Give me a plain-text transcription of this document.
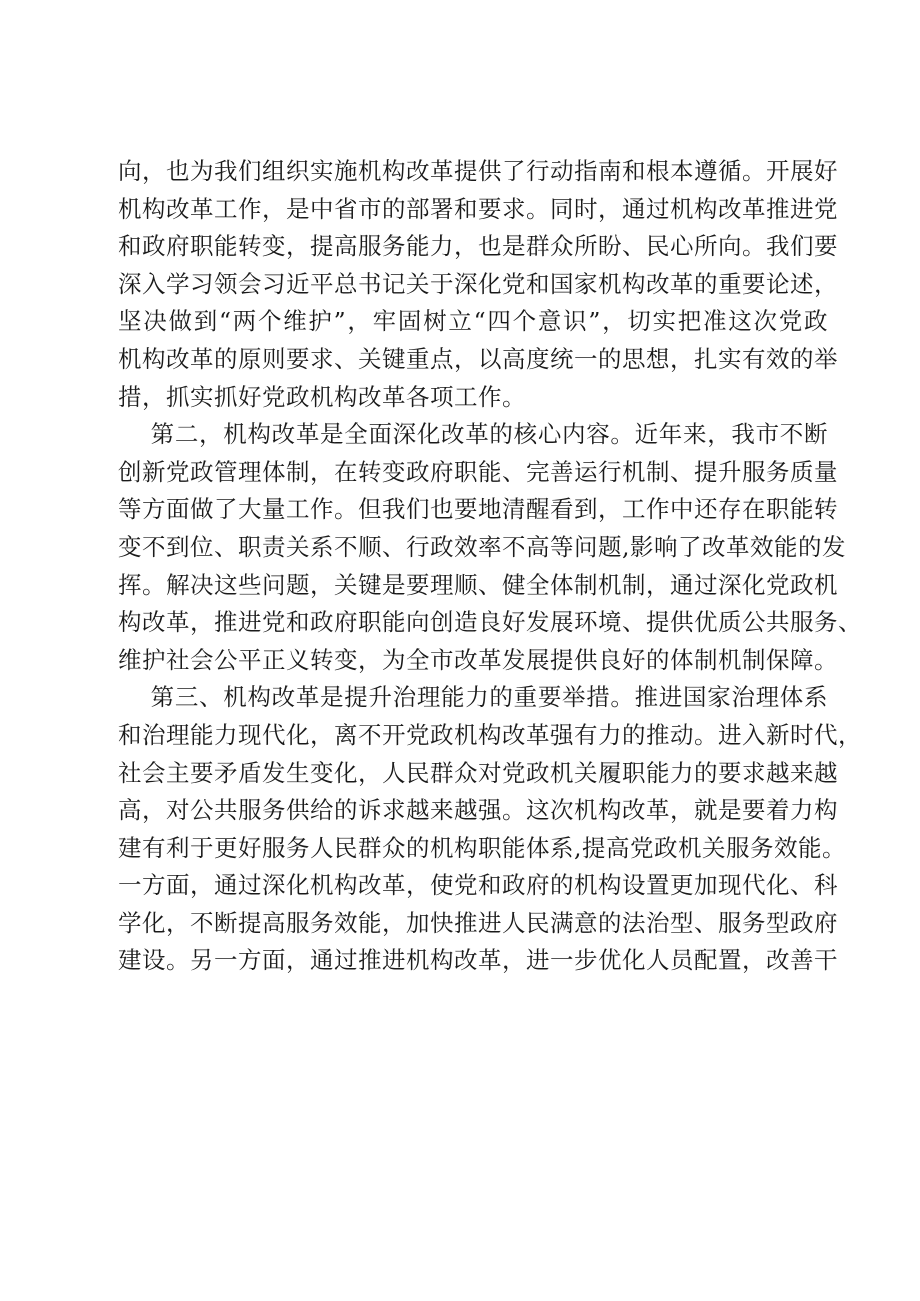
向，也为我们组织实施机构改革提供了行动指南和根本遵循。开展好
机构改革工作，是中省市的部署和要求。同时，通过机构改革推进党
和政府职能转变，提高服务能力，也是群众所盼、民心所向。我们要
深入学习领会习近平总书记关于深化党和国家机构改革的重要论述，
坚决做到“两个维护”，牢固树立“四个意识”，切实把准这次党政
机构改革的原则要求、关键重点，以高度统一的思想，扎实有效的举
措，抓实抓好党政机构改革各项工作。
第二，机构改革是全面深化改革的核心内容。近年来，我市不断
创新党政管理体制，在转变政府职能、完善运行机制、提升服务质量
等方面做了大量工作。但我们也要地清醒看到，工作中还存在职能转
变不到位、职责关系不顺、行政效率不高等问题,影响了改革效能的发
挥。解决这些问题，关键是要理顺、健全体制机制，通过深化党政机
构改革，推进党和政府职能向创造良好发展环境、提供优质公共服务、
维护社会公平正义转变，为全市改革发展提供良好的体制机制保障。
第三、机构改革是提升治理能力的重要举措。推进国家治理体系
和治理能力现代化，离不开党政机构改革强有力的推动。进入新时代，
社会主要矛盾发生变化，人民群众对党政机关履职能力的要求越来越
高，对公共服务供给的诉求越来越强。这次机构改革，就是要着力构
建有利于更好服务人民群众的机构职能体系,提高党政机关服务效能。
一方面，通过深化机构改革，使党和政府的机构设置更加现代化、科
学化，不断提高服务效能，加快推进人民满意的法治型、服务型政府
建设。另一方面，通过推进机构改革，进一步优化人员配置，改善干
